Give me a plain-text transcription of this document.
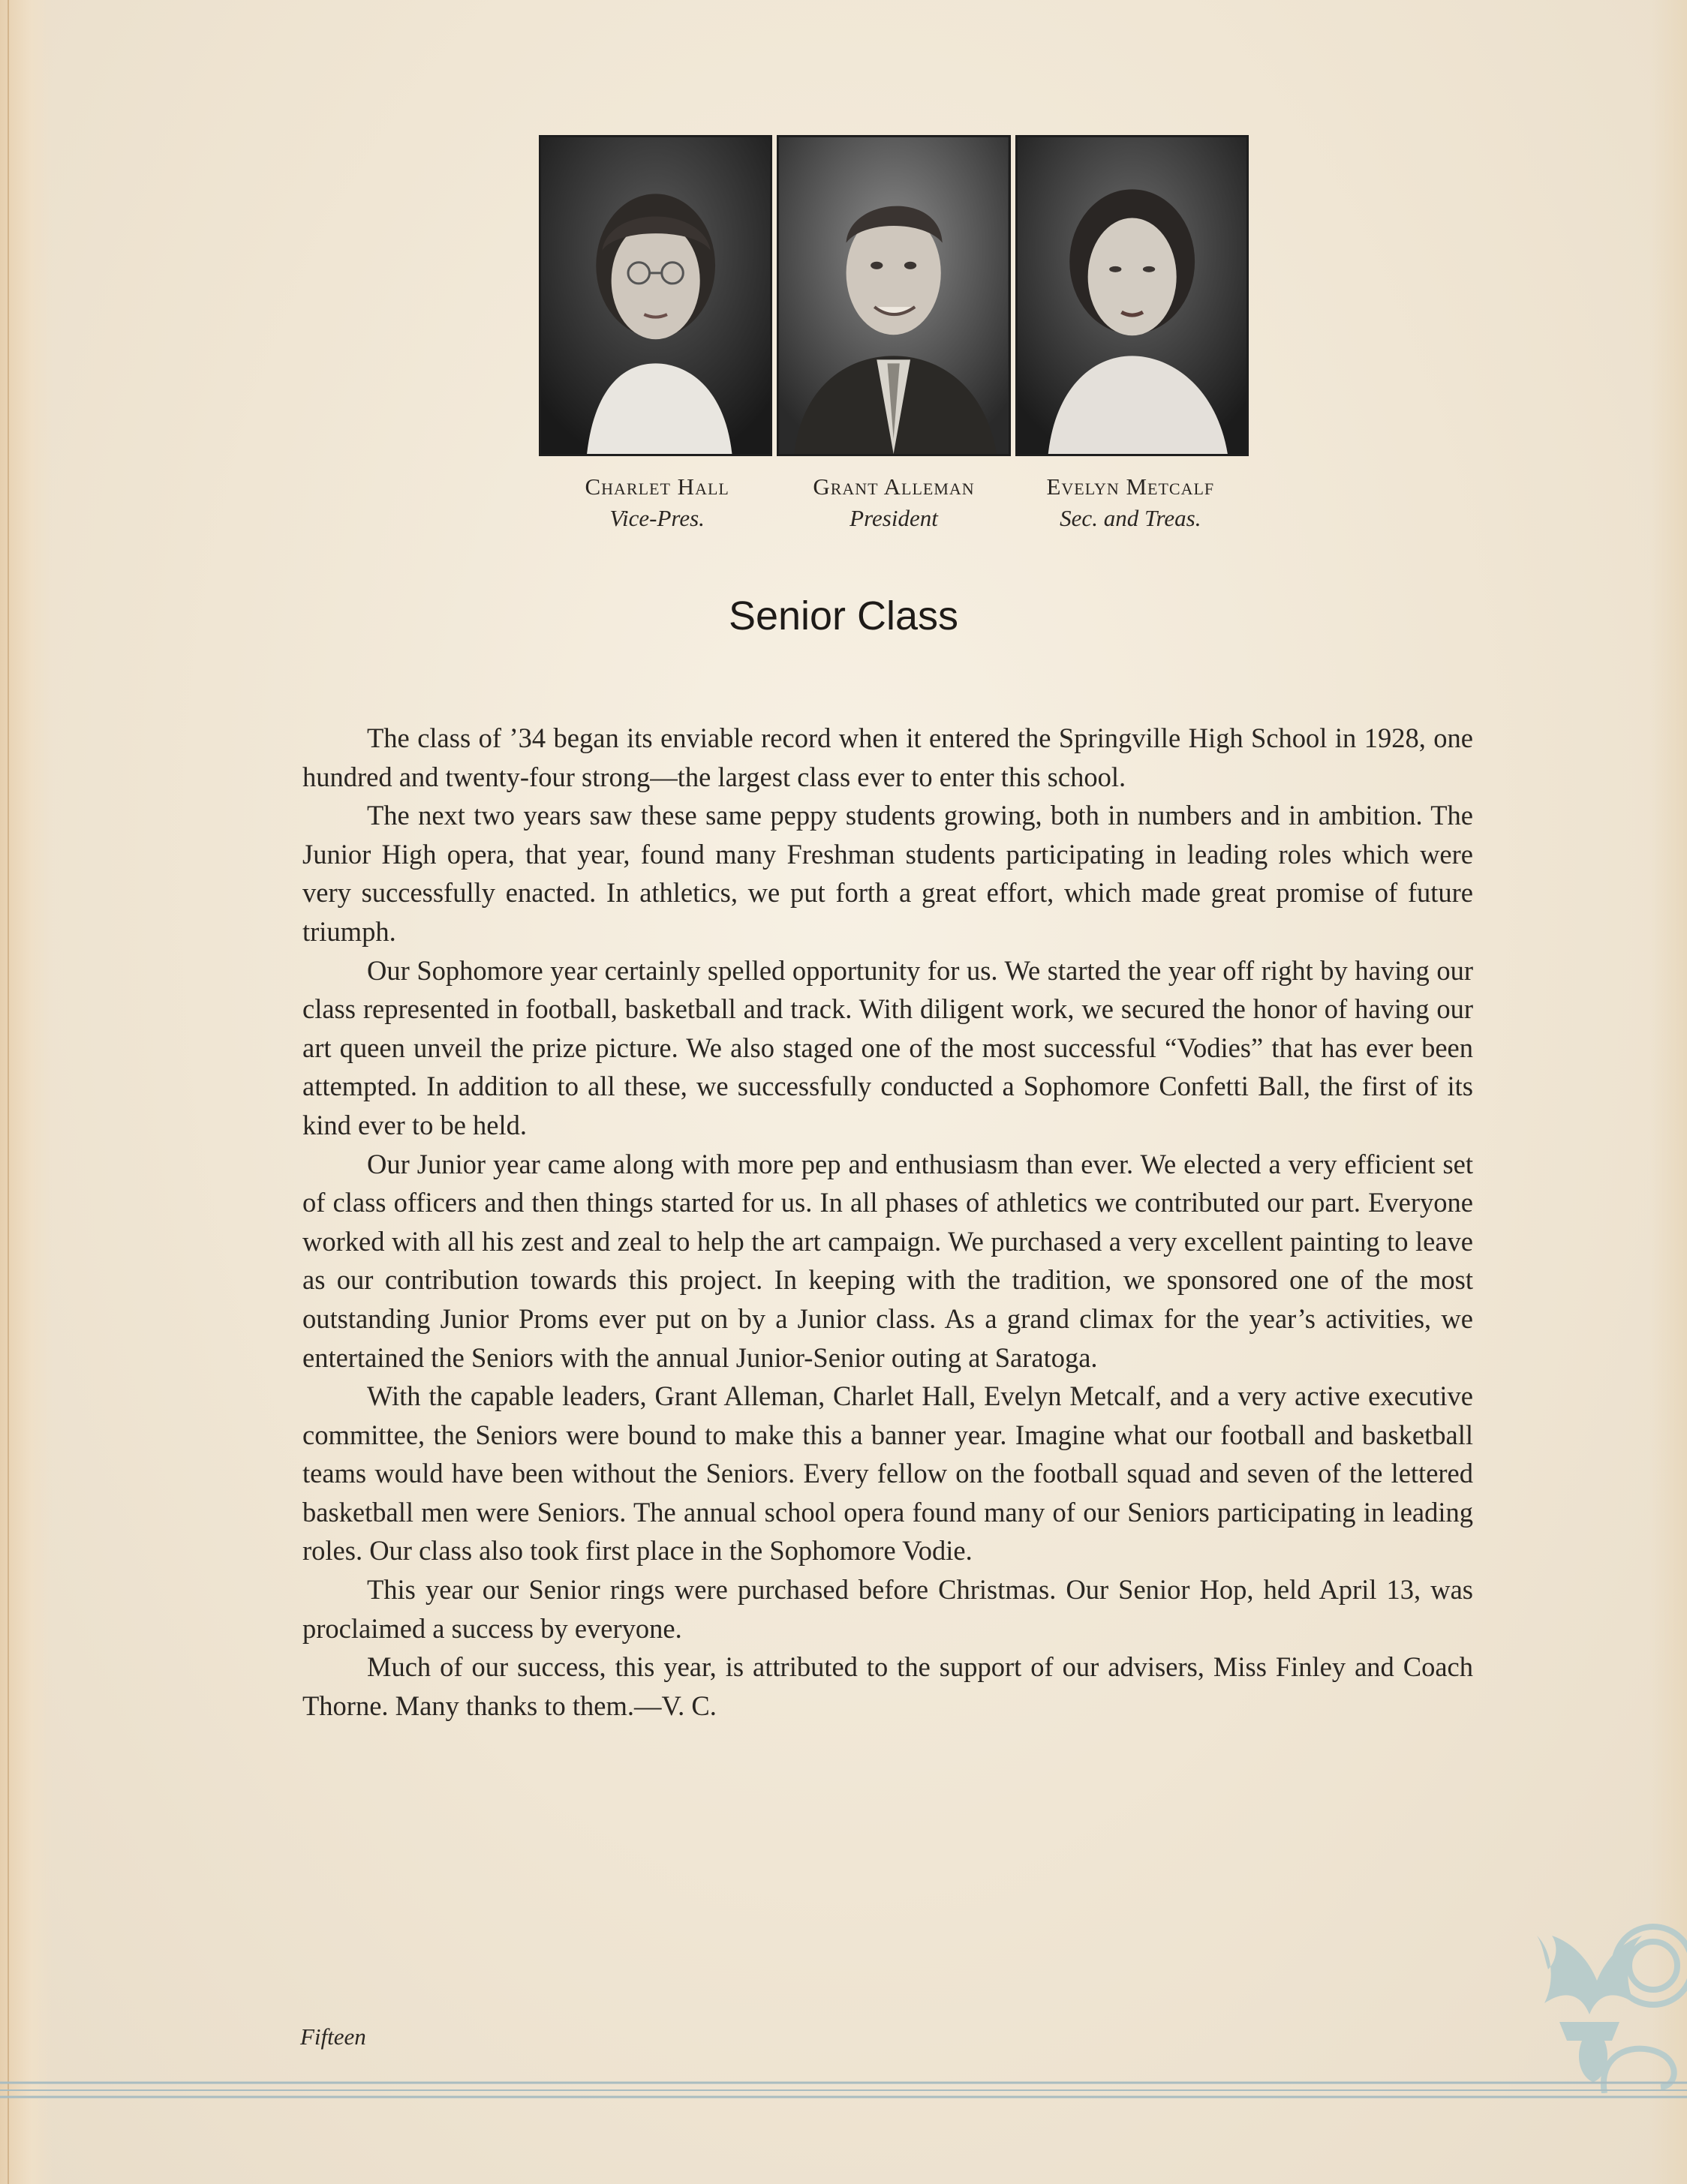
Charlet Hall
Vice-Pres.
Grant Alleman
President
Evelyn Metcalf
Sec. and Treas.
Senior Class

The class of ’34 began its enviable record when it entered the Springville High School in 1928, one hundred and twenty-four strong—the largest class ever to enter this school.

The next two years saw these same peppy students growing, both in numbers and in ambition. The Junior High opera, that year, found many Freshman students participating in leading roles which were very successfully enacted. In athletics, we put forth a great effort, which made great promise of future triumph.

Our Sophomore year certainly spelled opportunity for us. We started the year off right by having our class represented in football, basketball and track. With diligent work, we secured the honor of having our art queen unveil the prize picture. We also staged one of the most successful “Vodies” that has ever been attempted. In addition to all these, we successfully conducted a Sophomore Confetti Ball, the first of its kind ever to be held.

Our Junior year came along with more pep and enthusiasm than ever. We elected a very efficient set of class officers and then things started for us. In all phases of athletics we contributed our part. Everyone worked with all his zest and zeal to help the art campaign. We purchased a very excellent painting to leave as our contribution towards this project. In keeping with the tradition, we sponsored one of the most outstanding Junior Proms ever put on by a Junior class. As a grand climax for the year’s activities, we entertained the Seniors with the annual Junior-Senior outing at Saratoga.

With the capable leaders, Grant Alleman, Charlet Hall, Evelyn Metcalf, and a very active executive committee, the Seniors were bound to make this a banner year. Imagine what our football and basketball teams would have been without the Seniors. Every fellow on the football squad and seven of the lettered basketball men were Seniors. The annual school opera found many of our Seniors participating in leading roles. Our class also took first place in the Sophomore Vodie.

This year our Senior rings were purchased before Christmas. Our Senior Hop, held April 13, was proclaimed a success by everyone.

Much of our success, this year, is attributed to the support of our advisers, Miss Finley and Coach Thorne. Many thanks to them.—V. C.

Fifteen
